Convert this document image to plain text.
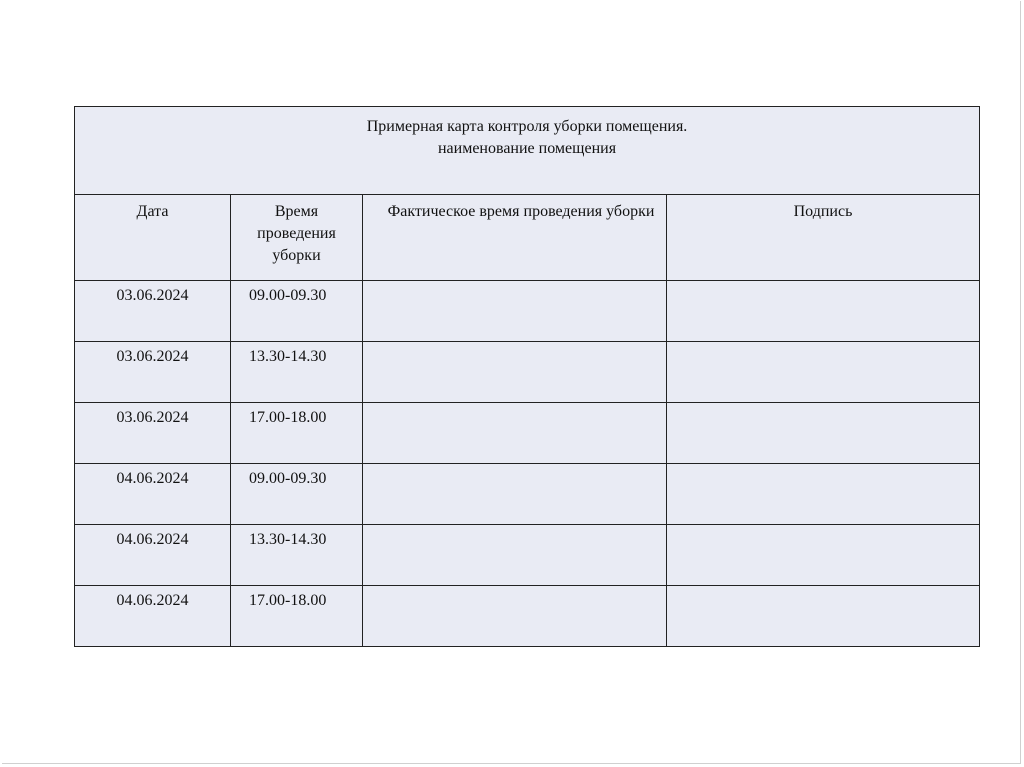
Примерная карта контроля уборки помещения.
наименование помещения			

Дата	Время проведения уборки	Фактическое время проведения уборки	Подпись
03.06.2024	09.00-09.30		
03.06.2024	13.30-14.30		
03.06.2024	17.00-18.00		
04.06.2024	09.00-09.30		
04.06.2024	13.30-14.30		
04.06.2024	17.00-18.00		
